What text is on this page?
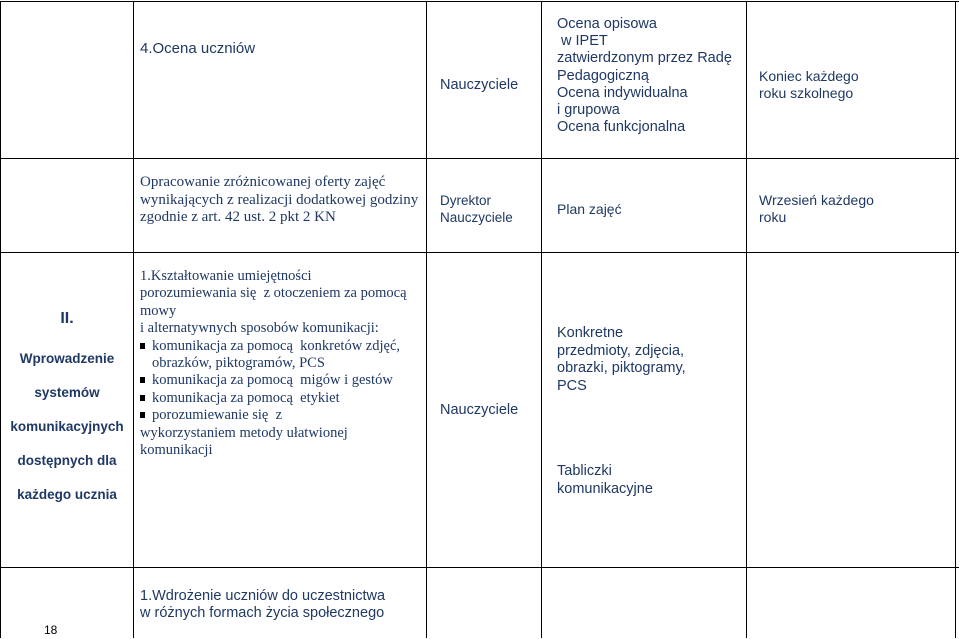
4.Ocena uczniów
Nauczyciele
Ocena opisowa
w IPET
zatwierdzonym przez Radę
Pedagogiczną
Ocena indywidualna
i grupowa
Ocena funkcjonalna
Koniec każdego
roku szkolnego
Opracowanie zróżnicowanej oferty zajęć
wynikających z realizacji dodatkowej godziny
zgodnie z art. 42 ust. 2 pkt 2 KN
Dyrektor
Nauczyciele
Plan zajęć
Wrzesień każdego
roku
II.
Wprowadzenie
systemów
komunikacyjnych
dostępnych dla
każdego ucznia
1.Kształtowanie umiejętności
porozumiewania się  z otoczeniem za pomocą
mowy
i alternatywnych sposobów komunikacji:
komunikacja za pomocą  konkretów zdjęć,
obrazków, piktogramów, PCS
komunikacja za pomocą  migów i gestów
komunikacja za pomocą  etykiet
porozumiewanie się  z
wykorzystaniem metody ułatwionej
komunikacji
Nauczyciele
Konkretne
przedmioty, zdjęcia,
obrazki, piktogramy,
PCS
Tabliczki
komunikacyjne
1.Wdrożenie uczniów do uczestnictwa
w różnych formach życia społecznego
18
